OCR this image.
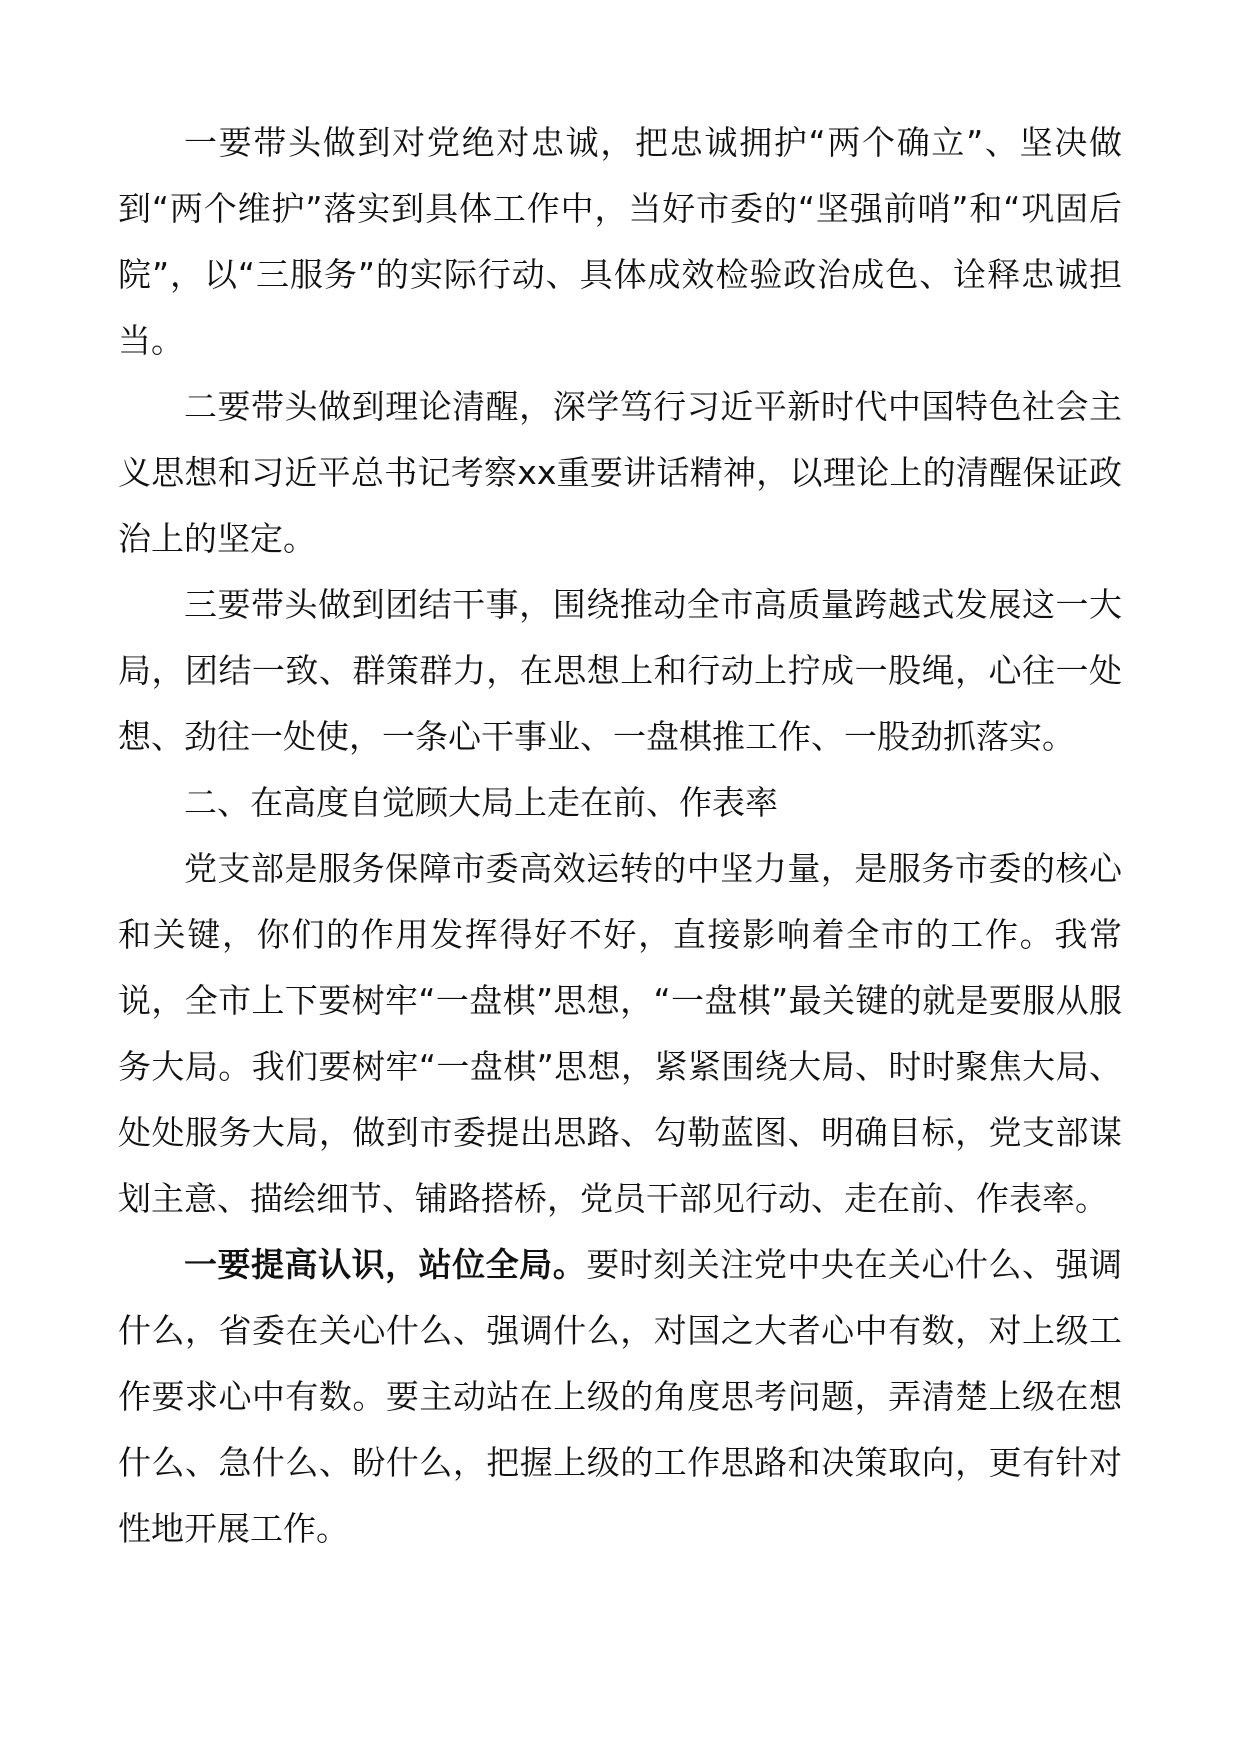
一要带头做到对党绝对忠诚，把忠诚拥护“两个确立”、坚决做到“两个维护”落实到具体工作中，当好市委的“坚强前哨”和“巩固后院”，以“三服务”的实际行动、具体成效检验政治成色、诠释忠诚担当。

二要带头做到理论清醒，深学笃行习近平新时代中国特色社会主义思想和习近平总书记考察xx重要讲话精神，以理论上的清醒保证政治上的坚定。

三要带头做到团结干事，围绕推动全市高质量跨越式发展这一大局，团结一致、群策群力，在思想上和行动上拧成一股绳，心往一处想、劲往一处使，一条心干事业、一盘棋推工作、一股劲抓落实。

二、在高度自觉顾大局上走在前、作表率

党支部是服务保障市委高效运转的中坚力量，是服务市委的核心和关键，你们的作用发挥得好不好，直接影响着全市的工作。我常说，全市上下要树牢“一盘棋”思想，“一盘棋”最关键的就是要服从服务大局。我们要树牢“一盘棋”思想，紧紧围绕大局、时时聚焦大局、处处服务大局，做到市委提出思路、勾勒蓝图、明确目标，党支部谋划主意、描绘细节、铺路搭桥，党员干部见行动、走在前、作表率。

一要提高认识，站位全局。要时刻关注党中央在关心什么、强调什么，省委在关心什么、强调什么，对国之大者心中有数，对上级工作要求心中有数。要主动站在上级的角度思考问题，弄清楚上级在想什么、急什么、盼什么，把握上级的工作思路和决策取向，更有针对性地开展工作。
